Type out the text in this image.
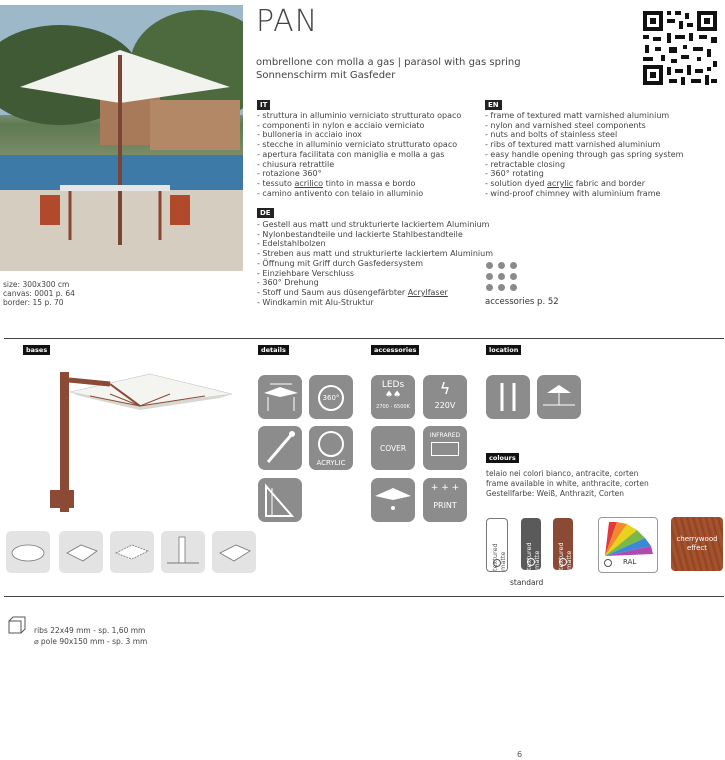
size: 300x300 cm
canvas: 0001 p. 64
border: 15 p. 70
PAN
ombrellone con molla a gas | parasol with gas spring
Sonnenschirm mit Gasfeder
IT
- struttura in alluminio verniciato strutturato opaco
- componenti in nylon e acciaio verniciato
- bulloneria in acciaio inox
- stecche in alluminio verniciato strutturato opaco
- apertura facilitata con maniglia e molla a gas
- chiusura retrattile
- rotazione 360°
- tessuto acrilico tinto in massa e bordo
- camino antivento con telaio in alluminio
EN
- frame of textured matt varnished aluminium
- nylon and varnished steel components
- nuts and bolts of stainless steel
- ribs of textured matt varnished aluminium
- easy handle opening through gas spring system
- retractable closing
- 360° rotating
- solution dyed acrylic fabric and border
- wind-proof chimney with aluminium frame
DE
- Gestell aus matt und strukturierte lackiertem Aluminium
- Nylonbestandteile und lackierte Stahlbestandteile
- Edelstahlbolzen
- Streben aus matt und strukturierte lackiertem Aluminium
- Öffnung mit Griff durch Gasfedersystem
- Einziehbare Verschluss
- 360° Drehung
- Stoff und Saum aus düsengefärbter Acrylfaser
- Windkamin mit Alu-Struktur	accessories p. 52
bases	details	accessories	location
360°
ACRYLIC
LEDs
♠♠
2700 - 6500K
ϟ
220V
COVER
INFRARED
+ + +
PRINT
colours
telaio nei colori bianco, antracite, corten
frame available in white, anthracite, corten
Gestellfarbe: Weiß, Anthrazit, Corten
textured matte	textured matte textured matte
standard
RAL
cherrywood effect
ribs 22x49 mm - sp. 1,60 mm
⌀ pole 90x150 mm - sp. 3 mm
6
